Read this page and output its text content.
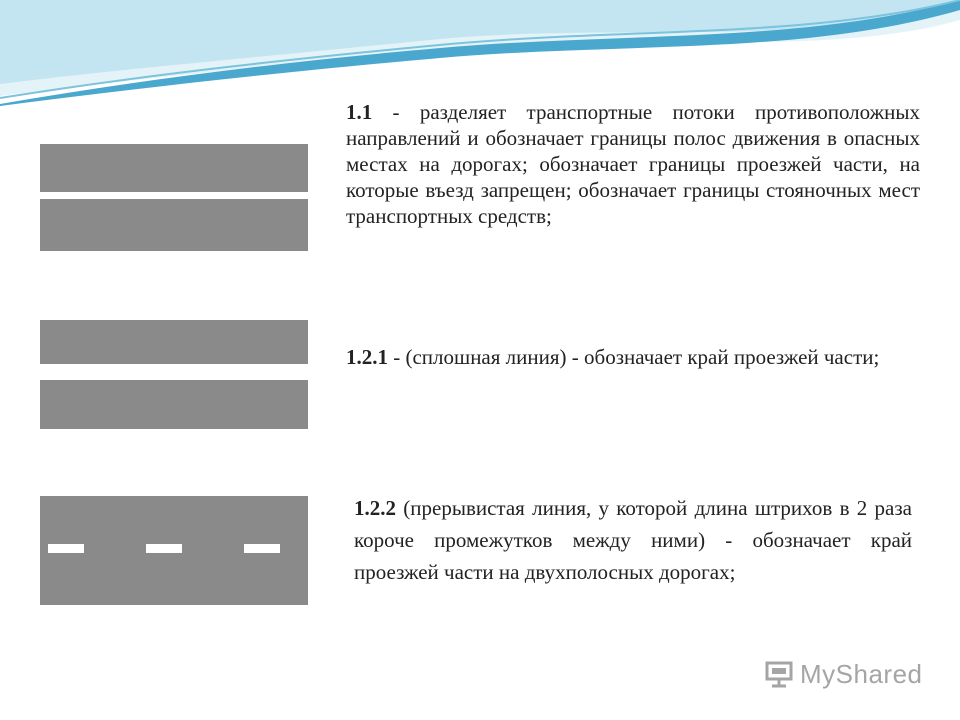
1.1 - разделяет транспортные потоки противоположных направлений и обозначает границы полос движения в опасных местах на дорогах; обозначает границы проезжей части, на которые въезд запрещен; обозначает границы стояночных мест транспортных средств;

1.2.1 - (сплошная линия) - обозначает край проезжей части;

1.2.2 (прерывистая линия, у которой длина штрихов в 2 раза короче промежутков между ними) - обозначает край проезжей части на двухполосных дорогах;

MyShared
